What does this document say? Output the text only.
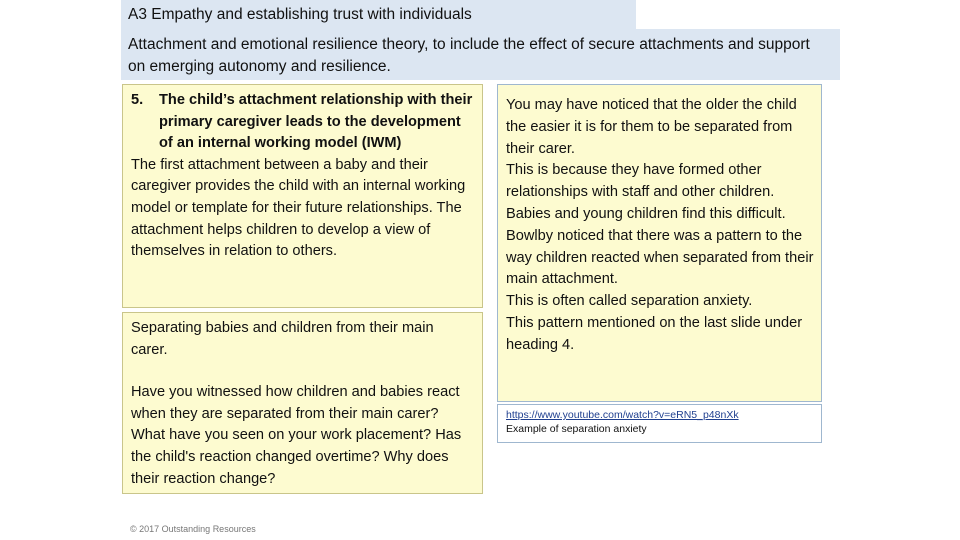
A3 Empathy and establishing trust with individuals
Attachment and emotional resilience theory, to include the effect of secure attachments and support on emerging autonomy and resilience.
5. The child’s attachment relationship with their primary caregiver leads to the development of an internal working model (IWM)
The first attachment between a baby and their caregiver provides the child with an internal working model or template for their future relationships. The attachment helps children to develop a view of themselves in relation to others.
Separating babies and children from their main carer.
Have you witnessed how children and babies react when they are separated from their main carer? What have you seen on your work placement? Has the child's reaction changed overtime? Why does their reaction change?
You may have noticed that the older the child the easier it is for them to be separated from their carer.
This is because they have formed other relationships with staff and other children.
Babies and young children find this difficult.
Bowlby noticed that there was a pattern to the way children reacted when separated from their main attachment.
This is often called separation anxiety.
This pattern mentioned on the last slide under heading 4.
https://www.youtube.com/watch?v=eRN5_p48nXk
Example of separation anxiety
© 2017 Outstanding Resources
